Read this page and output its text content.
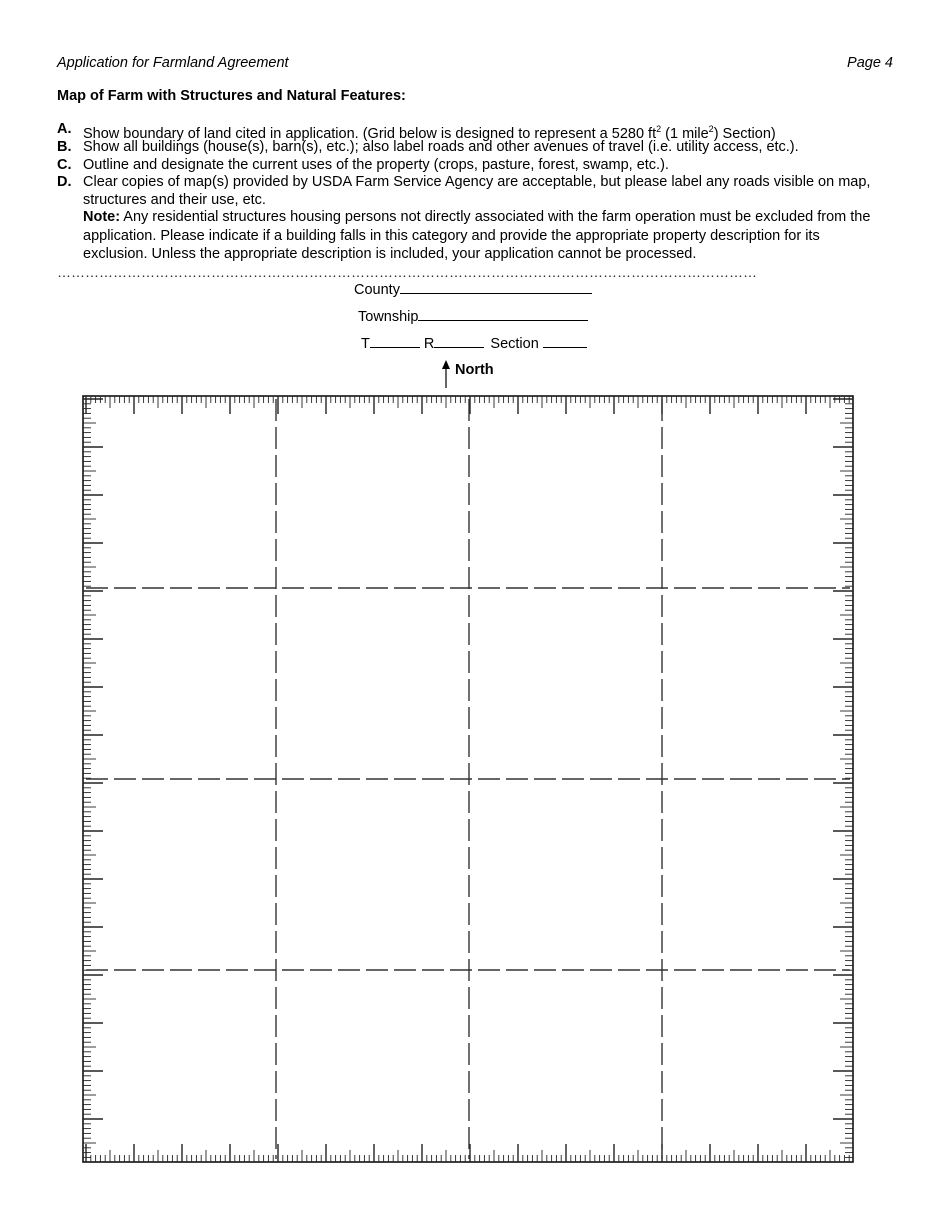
Application for Farmland Agreement	Page 4
Map of Farm with Structures and Natural Features:
A. Show boundary of land cited in application. (Grid below is designed to represent a 5280 $ft^2$ (1 mile$^2$) Section)
B. Show all buildings (house(s), barn(s), etc.); also label roads and other avenues of travel (i.e. utility access, etc.).
C. Outline and designate the current uses of the property (crops, pasture, forest, swamp, etc.).
D. Clear copies of map(s) provided by USDA Farm Service Agency are acceptable, but please label any roads visible on map, structures and their use, etc.
Note: Any residential structures housing persons not directly associated with the farm operation must be excluded from the application. Please indicate if a building falls in this category and provide the appropriate property description for its exclusion. Unless the appropriate description is included, your application cannot be processed.
……………………………………………………………………………………………………………………………………
County
Township
T	R	Section
North
